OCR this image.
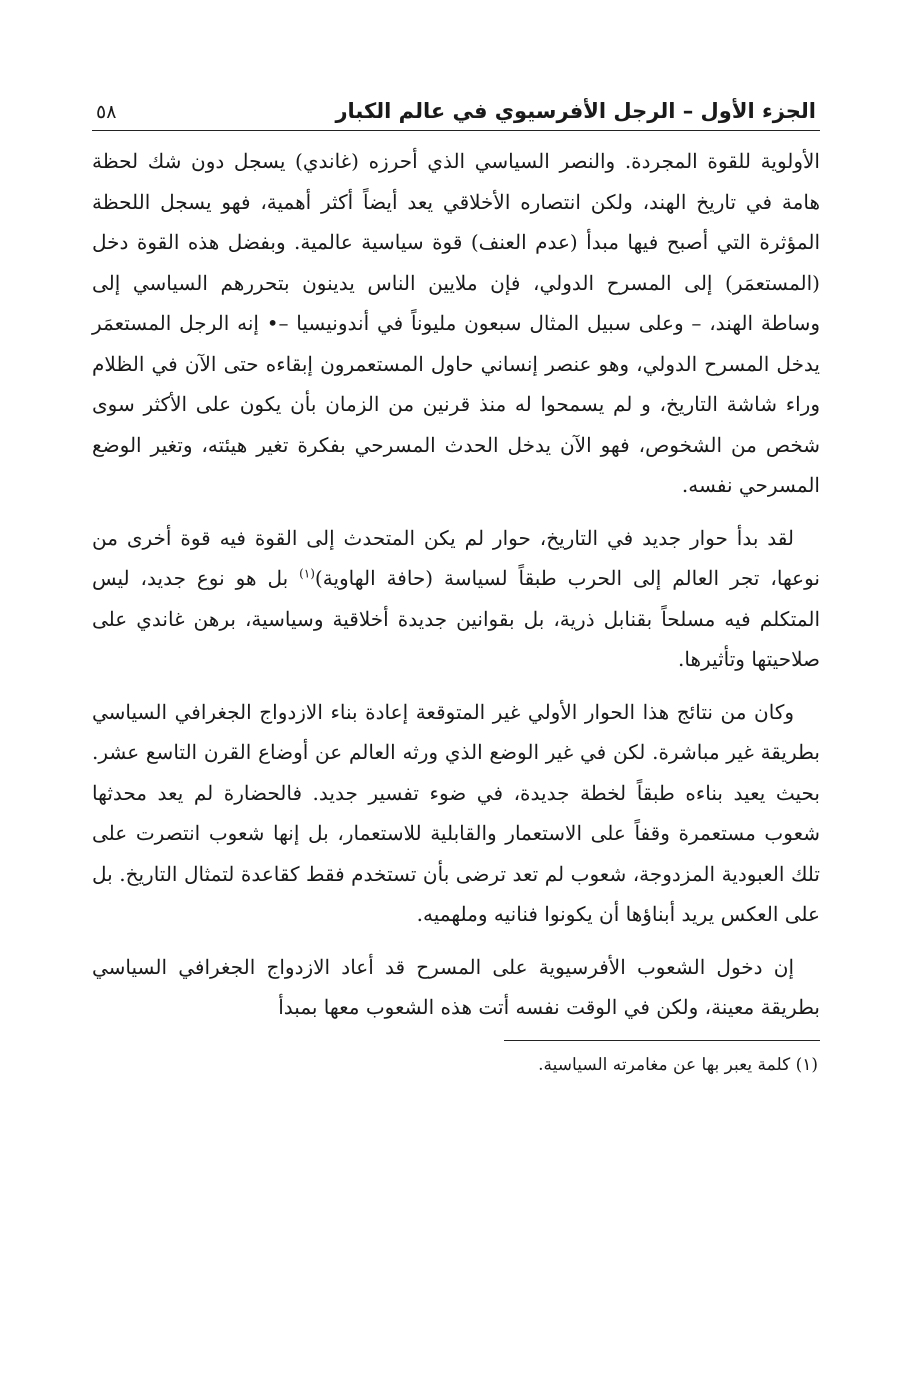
الجزء الأول – الرجل الأفرسيوي في عالم الكبار
٥٨

الأولوية للقوة المجردة. والنصر السياسي الذي أحرزه (غاندي) يسجل دون شك لحظة هامة في تاريخ الهند، ولكن انتصاره الأخلاقي يعد أيضاً أكثر أهمية، فهو يسجل اللحظة المؤثرة التي أصبح فيها مبدأ (عدم العنف) قوة سياسية عالمية. وبفضل هذه القوة دخل (المستعمَر) إلى المسرح الدولي، فإن ملايين الناس يدينون بتحررهم السياسي إلى وساطة الهند، – وعلى سبيل المثال سبعون مليوناً في أندونيسيا –• إنه الرجل المستعمَر يدخل المسرح الدولي، وهو عنصر إنساني حاول المستعمرون إبقاءه حتى الآن في الظلام وراء شاشة التاريخ، و لم يسمحوا له منذ قرنين من الزمان بأن يكون على الأكثر سوى شخص من الشخوص، فهو الآن يدخل الحدث المسرحي بفكرة تغير هيئته، وتغير الوضع المسرحي نفسه.

لقد بدأ حوار جديد في التاريخ، حوار لم يكن المتحدث إلى القوة فيه قوة أخرى من نوعها، تجر العالم إلى الحرب طبقاً لسياسة (حافة الهاوية)$^{(١)}$ بل هو نوع جديد، ليس المتكلم فيه مسلحاً بقنابل ذرية، بل بقوانين جديدة أخلاقية وسياسية، برهن غاندي على صلاحيتها وتأثيرها.

وكان من نتائج هذا الحوار الأولي غير المتوقعة إعادة بناء الازدواج الجغرافي السياسي بطريقة غير مباشرة. لكن في غير الوضع الذي ورثه العالم عن أوضاع القرن التاسع عشر. بحيث يعيد بناءه طبقاً لخطة جديدة، في ضوء تفسير جديد. فالحضارة لم يعد محدثها شعوب مستعمرة وقفاً على الاستعمار والقابلية للاستعمار، بل إنها شعوب انتصرت على تلك العبودية المزدوجة، شعوب لم تعد ترضى بأن تستخدم فقط كقاعدة لتمثال التاريخ. بل على العكس يريد أبناؤها أن يكونوا فنانيه وملهميه.

إن دخول الشعوب الأفرسيوية على المسرح قد أعاد الازدواج الجغرافي السياسي بطريقة معينة، ولكن في الوقت نفسه أتت هذه الشعوب معها بمبدأ

(١) كلمة يعبر بها عن مغامرته السياسية.
